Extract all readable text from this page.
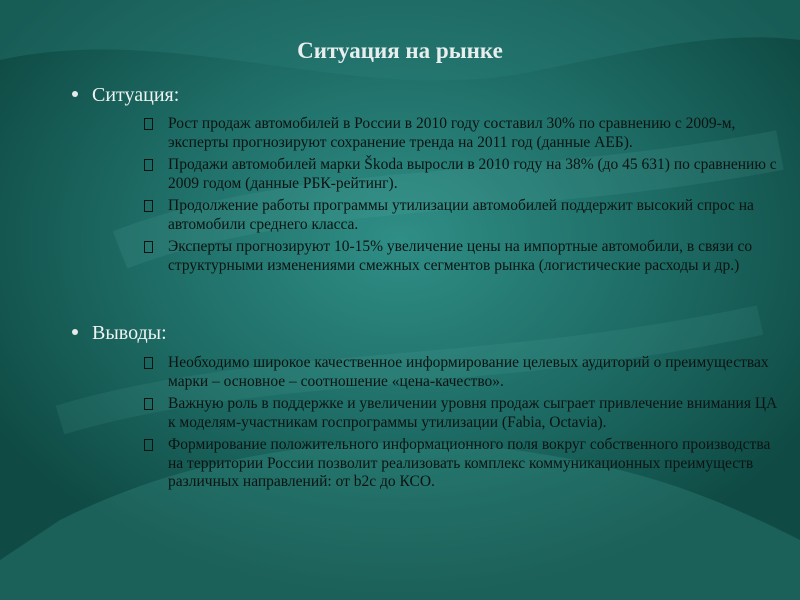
Ситуация на рынке
Ситуация:
Рост продаж автомобилей в России в 2010 году составил 30% по сравнению с 2009-м, эксперты прогнозируют сохранение тренда на 2011 год (данные АЕБ).
Продажи автомобилей марки Škoda выросли в 2010 году на 38% (до 45 631) по сравнению с 2009 годом (данные РБК-рейтинг).
Продолжение работы программы утилизации автомобилей поддержит высокий спрос на автомобили среднего класса.
Эксперты прогнозируют 10-15% увеличение цены на импортные автомобили, в связи со структурными изменениями смежных сегментов рынка (логистические расходы и др.)
Выводы:
Необходимо широкое качественное информирование целевых аудиторий о преимуществах марки – основное – соотношение «цена-качество».
Важную роль в поддержке и увеличении уровня продаж сыграет привлечение внимания ЦА к моделям-участникам госпрограммы утилизации (Fabia, Octavia).
Формирование положительного информационного поля вокруг собственного производства на территории России позволит реализовать комплекс коммуникационных преимуществ различных направлений: от b2c до КСО.
